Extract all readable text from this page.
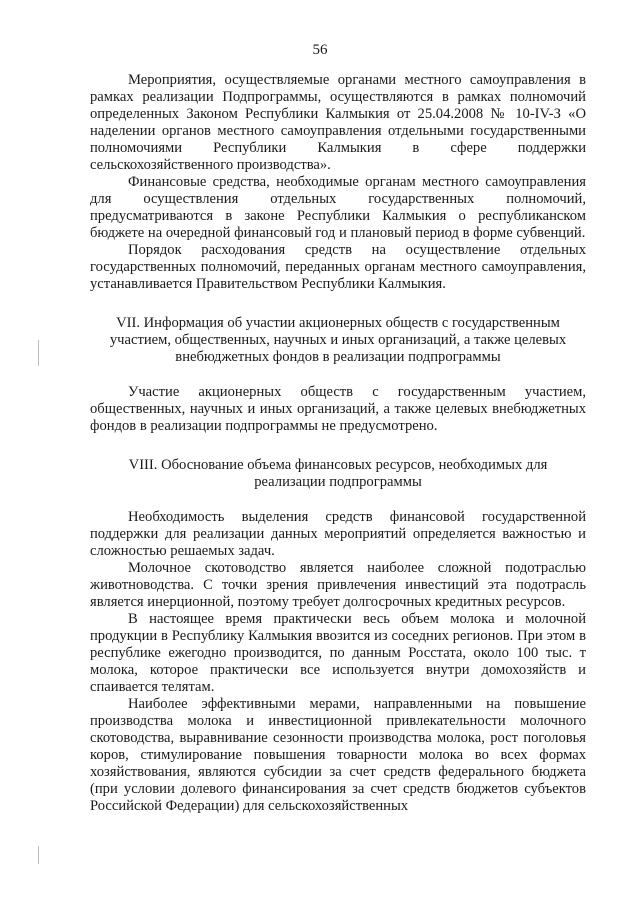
56

Мероприятия, осуществляемые органами местного самоуправления в рамках реализации Подпрограммы, осуществляются в рамках полномочий определенных Законом Республики Калмыкия от 25.04.2008 № 10-IV-З «О наделении органов местного самоуправления отдельными государственными полномочиями Республики Калмыкия в сфере поддержки сельскохозяйственного производства».

Финансовые средства, необходимые органам местного самоуправления для осуществления отдельных государственных полномочий, предусматриваются в законе Республики Калмыкия о республиканском бюджете на очередной финансовый год и плановый период в форме субвенций.

Порядок расходования средств на осуществление отдельных государственных полномочий, переданных органам местного самоуправления, устанавливается Правительством Республики Калмыкия.

VII. Информация об участии акционерных обществ с государственным участием, общественных, научных и иных организаций, а также целевых внебюджетных фондов в реализации подпрограммы

Участие акционерных обществ с государственным участием, общественных, научных и иных организаций, а также целевых внебюджетных фондов в реализации подпрограммы не предусмотрено.

VIII. Обоснование объема финансовых ресурсов, необходимых для реализации подпрограммы

Необходимость выделения средств финансовой государственной поддержки для реализации данных мероприятий определяется важностью и сложностью решаемых задач.

Молочное скотоводство является наиболее сложной подотраслью животноводства. С точки зрения привлечения инвестиций эта подотрасль является инерционной, поэтому требует долгосрочных кредитных ресурсов.

В настоящее время практически весь объем молока и молочной продукции в Республику Калмыкия ввозится из соседних регионов. При этом в республике ежегодно производится, по данным Росстата, около 100 тыс. т молока, которое практически все используется внутри домохозяйств и спаивается телятам.

Наиболее эффективными мерами, направленными на повышение производства молока и инвестиционной привлекательности молочного скотоводства, выравнивание сезонности производства молока, рост поголовья коров, стимулирование повышения товарности молока во всех формах хозяйствования, являются субсидии за счет средств федерального бюджета (при условии долевого финансирования за счет средств бюджетов субъектов Российской Федерации) для сельскохозяйственных
